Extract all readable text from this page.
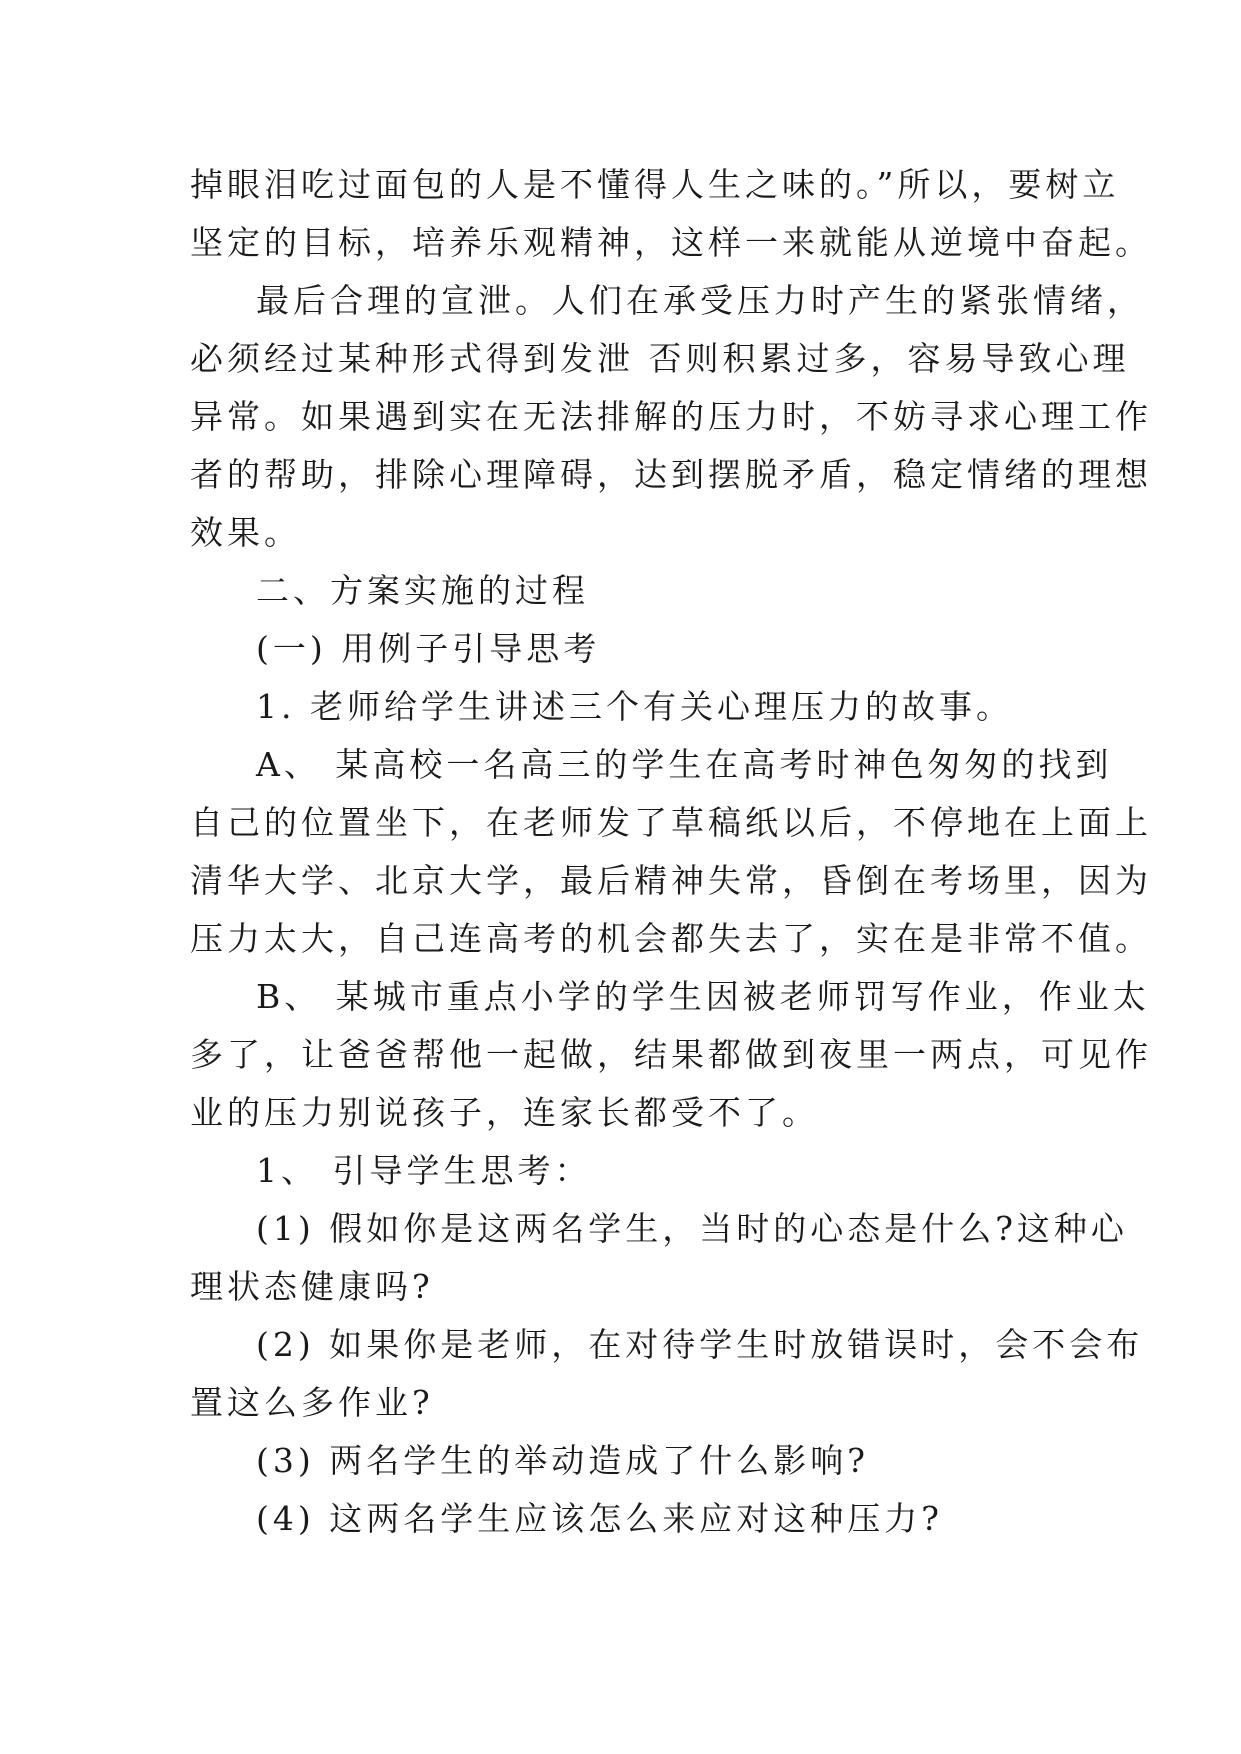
掉眼泪吃过面包的人是不懂得人生之味的。”所以，要树立
坚定的目标，培养乐观精神，这样一来就能从逆境中奋起。
最后合理的宣泄。人们在承受压力时产生的紧张情绪，
必须经过某种形式得到发泄 否则积累过多，容易导致心理
异常。如果遇到实在无法排解的压力时，不妨寻求心理工作
者的帮助，排除心理障碍，达到摆脱矛盾，稳定情绪的理想
效果。
二、方案实施的过程
(一) 用例子引导思考
1. 老师给学生讲述三个有关心理压力的故事。
A、 某高校一名高三的学生在高考时神色匆匆的找到
自己的位置坐下，在老师发了草稿纸以后，不停地在上面上
清华大学、北京大学，最后精神失常，昏倒在考场里，因为
压力太大，自己连高考的机会都失去了，实在是非常不值。
B、 某城市重点小学的学生因被老师罚写作业，作业太
多了，让爸爸帮他一起做，结果都做到夜里一两点，可见作
业的压力别说孩子，连家长都受不了。
1、 引导学生思考：
(1) 假如你是这两名学生，当时的心态是什么?这种心
理状态健康吗?
(2) 如果你是老师，在对待学生时放错误时，会不会布
置这么多作业?
(3) 两名学生的举动造成了什么影响?
(4) 这两名学生应该怎么来应对这种压力?
